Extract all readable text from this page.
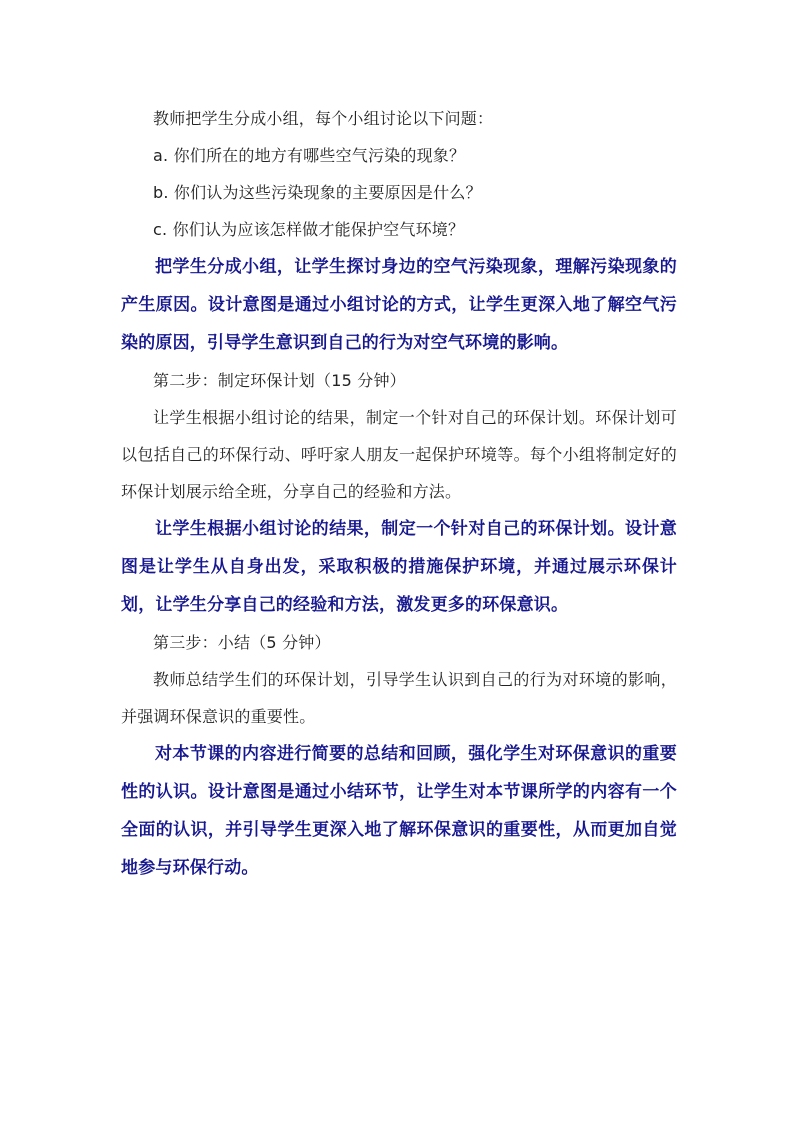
教师把学生分成小组，每个小组讨论以下问题：

a. 你们所在的地方有哪些空气污染的现象？

b. 你们认为这些污染现象的主要原因是什么？

c. 你们认为应该怎样做才能保护空气环境？

把学生分成小组，让学生探讨身边的空气污染现象，理解污染现象的产生原因。设计意图是通过小组讨论的方式，让学生更深入地了解空气污染的原因，引导学生意识到自己的行为对空气环境的影响。

第二步：制定环保计划（15 分钟）

让学生根据小组讨论的结果，制定一个针对自己的环保计划。环保计划可以包括自己的环保行动、呼吁家人朋友一起保护环境等。每个小组将制定好的环保计划展示给全班，分享自己的经验和方法。

让学生根据小组讨论的结果，制定一个针对自己的环保计划。设计意图是让学生从自身出发，采取积极的措施保护环境，并通过展示环保计划，让学生分享自己的经验和方法，激发更多的环保意识。

第三步：小结（5 分钟）

教师总结学生们的环保计划，引导学生认识到自己的行为对环境的影响，并强调环保意识的重要性。

对本节课的内容进行简要的总结和回顾，强化学生对环保意识的重要性的认识。设计意图是通过小结环节，让学生对本节课所学的内容有一个全面的认识，并引导学生更深入地了解环保意识的重要性，从而更加自觉地参与环保行动。
